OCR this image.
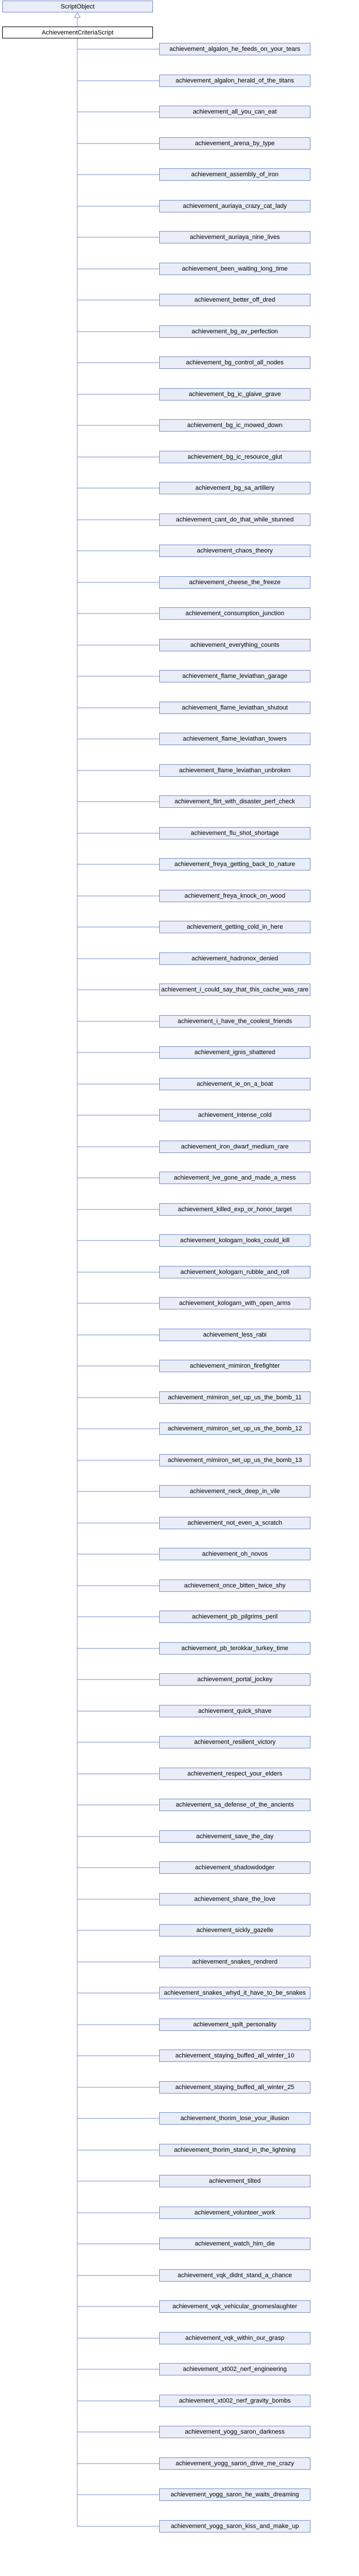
ScriptObject
AchievementCriteriaScript
achievement_algalon_he_feeds_on_your_tears
achievement_algalon_herald_of_the_titans
achievement_all_you_can_eat
achievement_arena_by_type
achievement_assembly_of_iron
achievement_auriaya_crazy_cat_lady
achievement_auriaya_nine_lives
achievement_been_waiting_long_time
achievement_better_off_dred
achievement_bg_av_perfection
achievement_bg_control_all_nodes
achievement_bg_ic_glaive_grave
achievement_bg_ic_mowed_down
achievement_bg_ic_resource_glut
achievement_bg_sa_artillery
achievement_cant_do_that_while_stunned
achievement_chaos_theory
achievement_cheese_the_freeze
achievement_consumption_junction
achievement_everything_counts
achievement_flame_leviathan_garage
achievement_flame_leviathan_shutout
achievement_flame_leviathan_towers
achievement_flame_leviathan_unbroken
achievement_flirt_with_disaster_perf_check
achievement_flu_shot_shortage
achievement_freya_getting_back_to_nature
achievement_freya_knock_on_wood
achievement_getting_cold_in_here
achievement_hadronox_denied
achievement_i_could_say_that_this_cache_was_rare
achievement_i_have_the_coolest_friends
achievement_ignis_shattered
achievement_ie_on_a_boat
achievement_intense_cold
achievement_iron_dwarf_medium_rare
achievement_ive_gone_and_made_a_mess
achievement_killed_exp_or_honor_target
achievement_kologarn_looks_could_kill
achievement_kologarn_rubble_and_roll
achievement_kologarn_with_open_arms
achievement_less_rabi
achievement_mimiron_firefighter
achievement_mimiron_set_up_us_the_bomb_11
achievement_mimiron_set_up_us_the_bomb_12
achievement_mimiron_set_up_us_the_bomb_13
achievement_neck_deep_in_vile
achievement_not_even_a_scratch
achievement_oh_novos
achievement_once_bitten_twice_shy
achievement_pb_pilgrims_peril
achievement_pb_terokkar_turkey_time
achievement_portal_jockey
achievement_quick_shave
achievement_resilient_victory
achievement_respect_your_elders
achievement_sa_defense_of_the_ancients
achievement_save_the_day
achievement_shadowdodger
achievement_share_the_love
achievement_sickly_gazelle
achievement_snakes_rendrerd
achievement_snakes_whyd_it_have_to_be_snakes
achievement_spilt_personality
achievement_staying_buffed_all_winter_10
achievement_staying_buffed_all_winter_25
achievement_thorim_lose_your_illusion
achievement_thorim_stand_in_the_lightning
achievement_tilted
achievement_volunteer_work
achievement_watch_him_die
achievement_vqk_didnt_stand_a_chance
achievement_vqk_vehicular_gnomeslaughter
achievement_vqk_within_our_grasp
achievement_xt002_nerf_engineering
achievement_xt002_nerf_gravity_bombs
achievement_yogg_saron_darkness
achievement_yogg_saron_drive_me_crazy
achievement_yogg_saron_he_waits_dreaming
achievement_yogg_saron_kiss_and_make_up
